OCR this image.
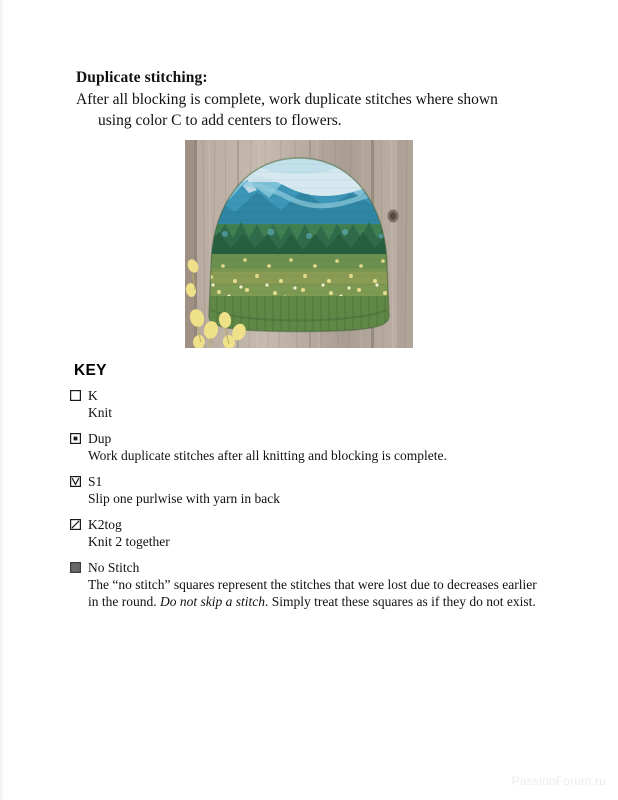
Duplicate stitching:
After all blocking is complete, work duplicate stitches where shown using color C to add centers to flowers.
KEY
K
Knit
Dup
Work duplicate stitches after all knitting and blocking is complete.
S1
Slip one purlwise with yarn in back
K2tog
Knit 2 together
No Stitch
The “no stitch” squares represent the stitches that were lost due to decreases earlier in the round. Do not skip a stitch. Simply treat these squares as if they do not exist.
PassionForum.ru
